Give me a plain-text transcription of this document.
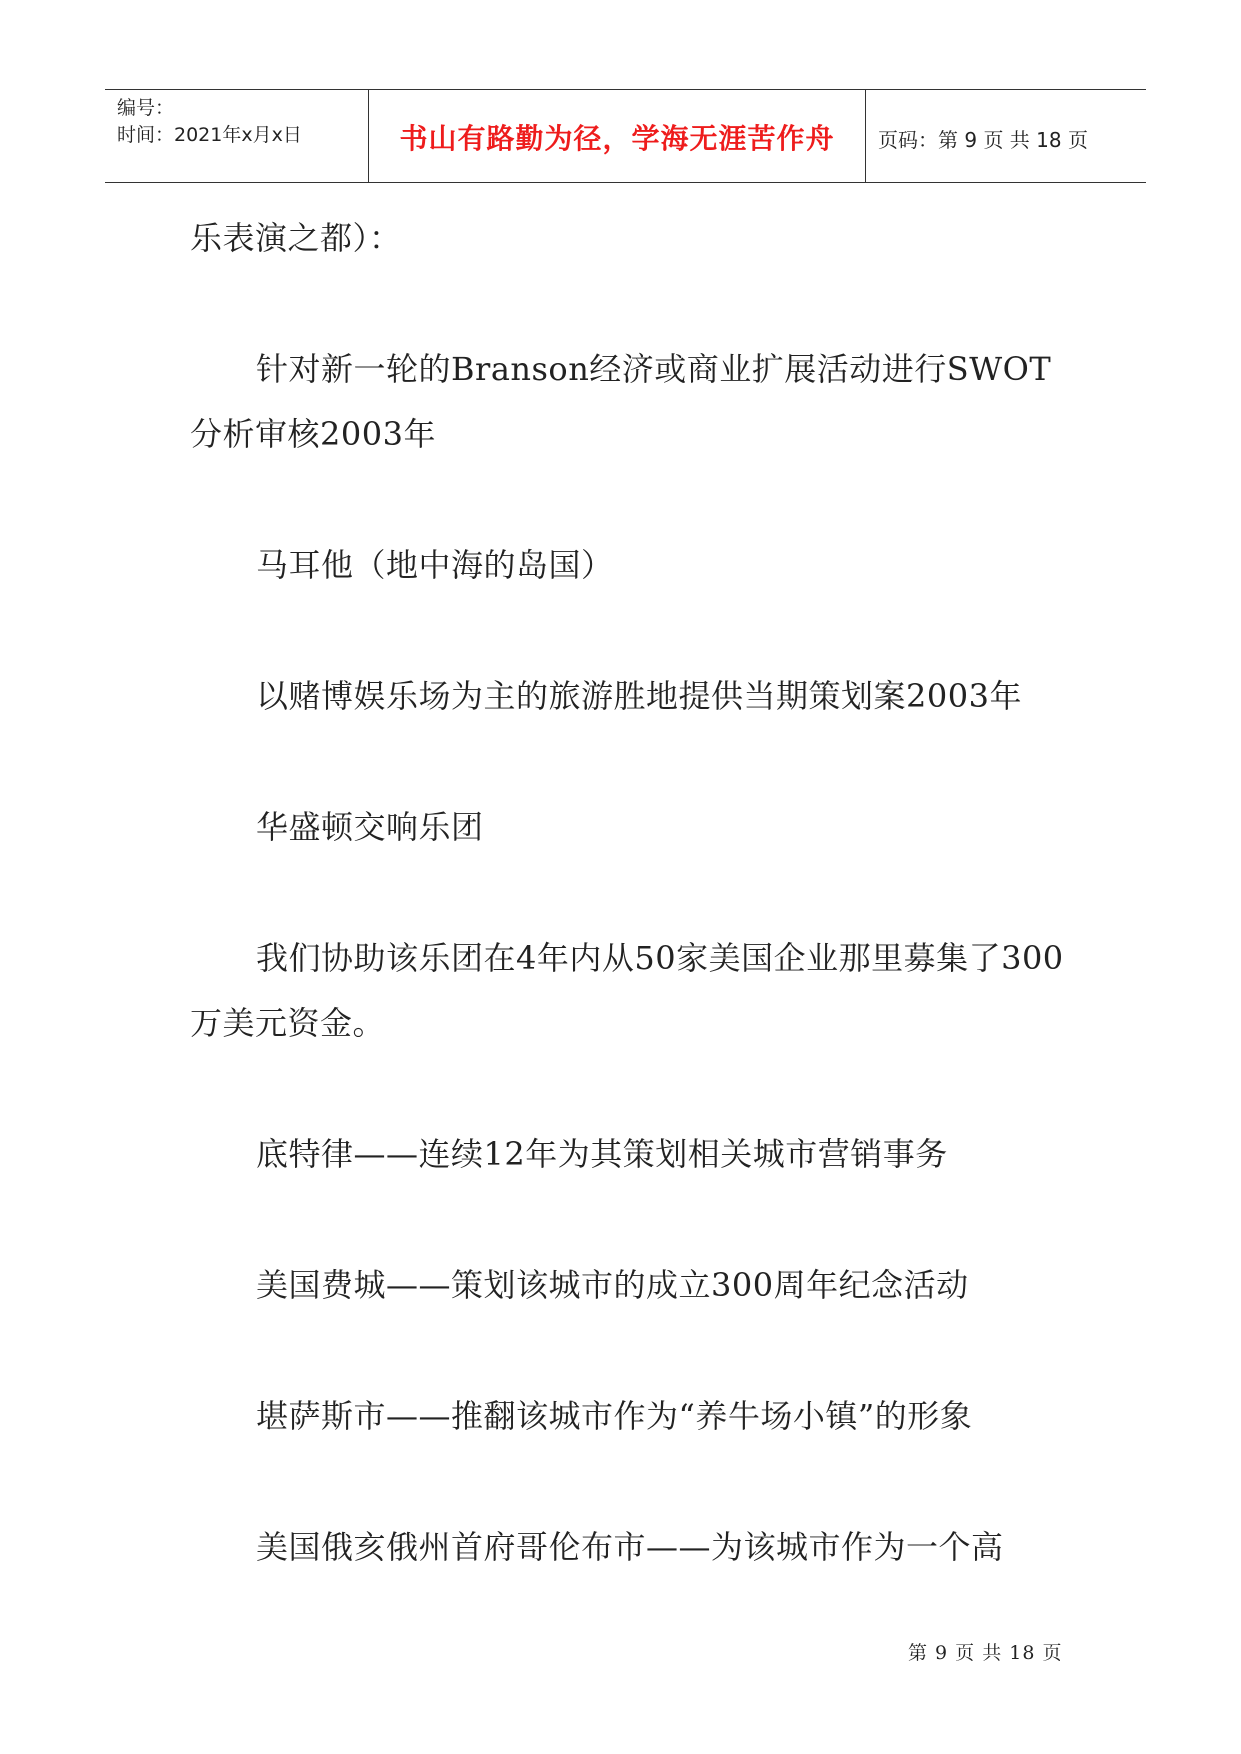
编号：
时间：2021年x月x日	书山有路勤为径，学海无涯苦作舟	页码：第 9 页 共 18 页

乐表演之都）：

针对新一轮的Branson经济或商业扩展活动进行SWOT分析审核2003年

马耳他（地中海的岛国）

以赌博娱乐场为主的旅游胜地提供当期策划案2003年

华盛顿交响乐团

我们协助该乐团在4年内从50家美国企业那里募集了300万美元资金。

底特律——连续12年为其策划相关城市营销事务

美国费城——策划该城市的成立300周年纪念活动

堪萨斯市——推翻该城市作为“养牛场小镇”的形象

美国俄亥俄州首府哥伦布市——为该城市作为一个高

第 9 页 共 18 页
